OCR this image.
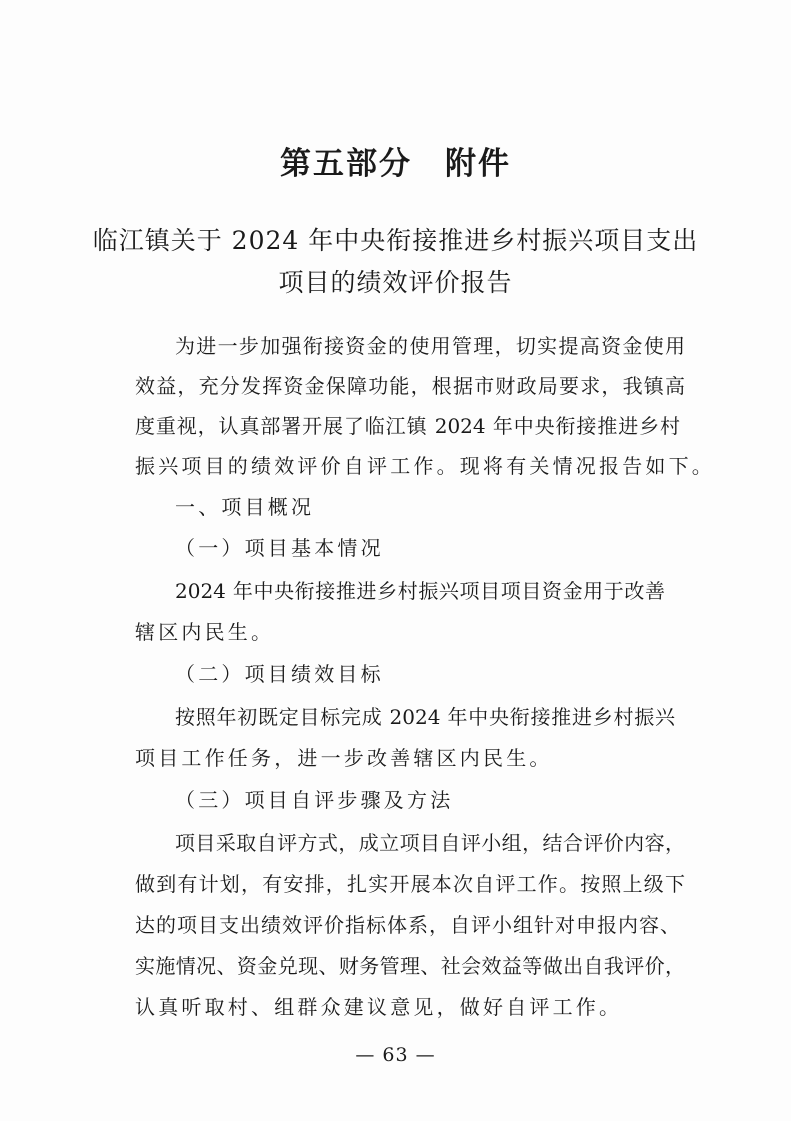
第五部分　附件
临江镇关于 2024 年中央衔接推进乡村振兴项目支出
项目的绩效评价报告
为进一步加强衔接资金的使用管理，切实提高资金使用
效益，充分发挥资金保障功能，根据市财政局要求，我镇高
度重视，认真部署开展了临江镇 2024 年中央衔接推进乡村
振兴项目的绩效评价自评工作。现将有关情况报告如下。
一、项目概况
（一）项目基本情况
2024 年中央衔接推进乡村振兴项目项目资金用于改善
辖区内民生。
（二）项目绩效目标
按照年初既定目标完成 2024 年中央衔接推进乡村振兴
项目工作任务，进一步改善辖区内民生。
（三）项目自评步骤及方法
项目采取自评方式，成立项目自评小组，结合评价内容，
做到有计划，有安排，扎实开展本次自评工作。按照上级下
达的项目支出绩效评价指标体系，自评小组针对申报内容、
实施情况、资金兑现、财务管理、社会效益等做出自我评价，
认真听取村、组群众建议意见，做好自评工作。
— 63 —
